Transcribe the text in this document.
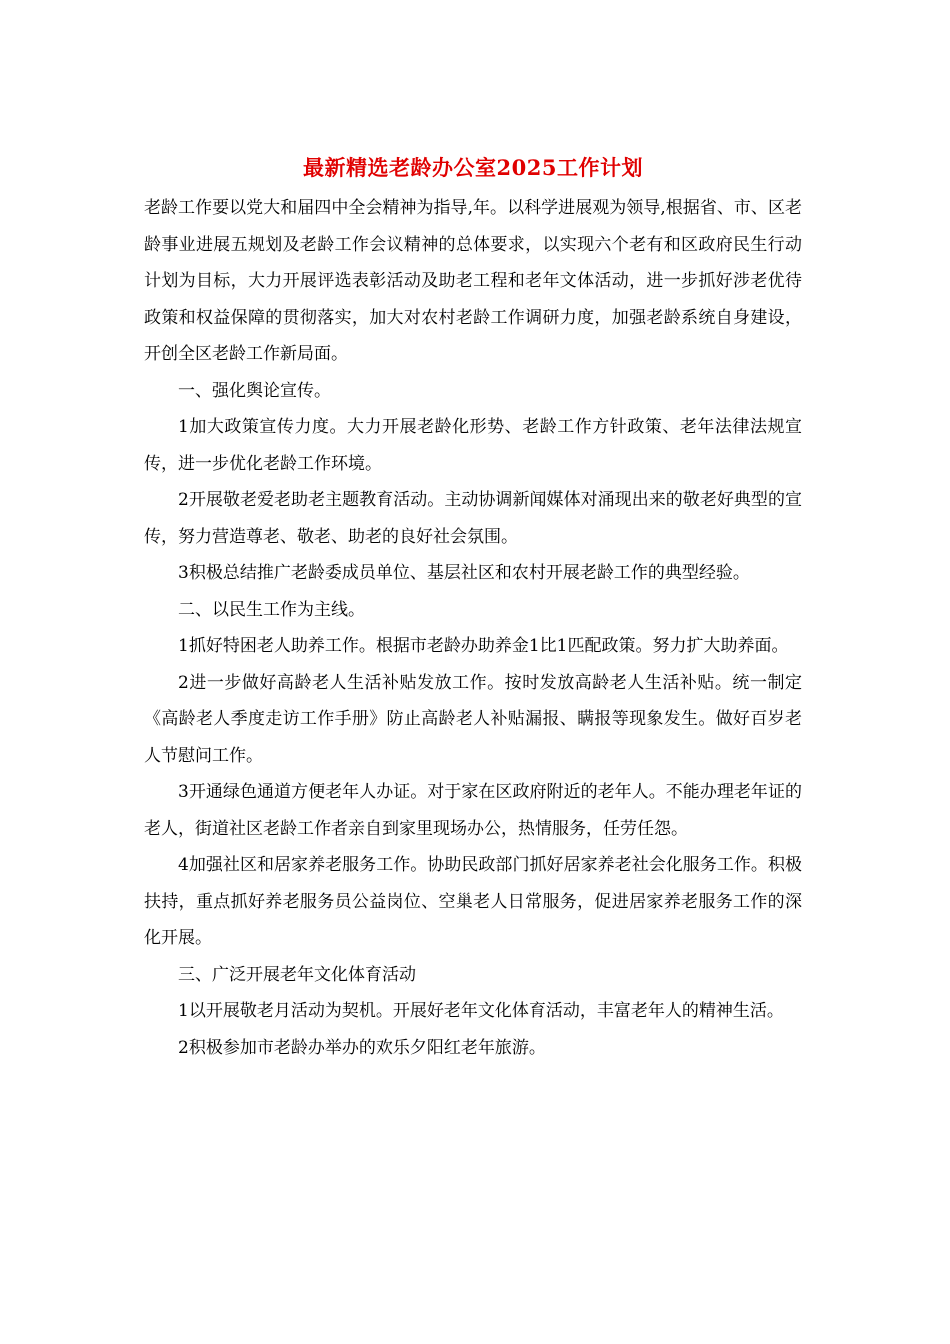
最新精选老龄办公室2025工作计划

老龄工作要以党大和届四中全会精神为指导,年。以科学进展观为领导,根据省、市、区老龄事业进展五规划及老龄工作会议精神的总体要求，以实现六个老有和区政府民生行动计划为目标，大力开展评选表彰活动及助老工程和老年文体活动，进一步抓好涉老优待政策和权益保障的贯彻落实，加大对农村老龄工作调研力度，加强老龄系统自身建设，开创全区老龄工作新局面。

一、强化舆论宣传。

1加大政策宣传力度。大力开展老龄化形势、老龄工作方针政策、老年法律法规宣传，进一步优化老龄工作环境。

2开展敬老爱老助老主题教育活动。主动协调新闻媒体对涌现出来的敬老好典型的宣传，努力营造尊老、敬老、助老的良好社会氛围。

3积极总结推广老龄委成员单位、基层社区和农村开展老龄工作的典型经验。

二、以民生工作为主线。

1抓好特困老人助养工作。根据市老龄办助养金1比1匹配政策。努力扩大助养面。

2进一步做好高龄老人生活补贴发放工作。按时发放高龄老人生活补贴。统一制定《高龄老人季度走访工作手册》防止高龄老人补贴漏报、瞒报等现象发生。做好百岁老人节慰问工作。

3开通绿色通道方便老年人办证。对于家在区政府附近的老年人。不能办理老年证的老人，街道社区老龄工作者亲自到家里现场办公，热情服务，任劳任怨。

4加强社区和居家养老服务工作。协助民政部门抓好居家养老社会化服务工作。积极扶持，重点抓好养老服务员公益岗位、空巢老人日常服务，促进居家养老服务工作的深化开展。

三、广泛开展老年文化体育活动

1以开展敬老月活动为契机。开展好老年文化体育活动，丰富老年人的精神生活。

2积极参加市老龄办举办的欢乐夕阳红老年旅游。
